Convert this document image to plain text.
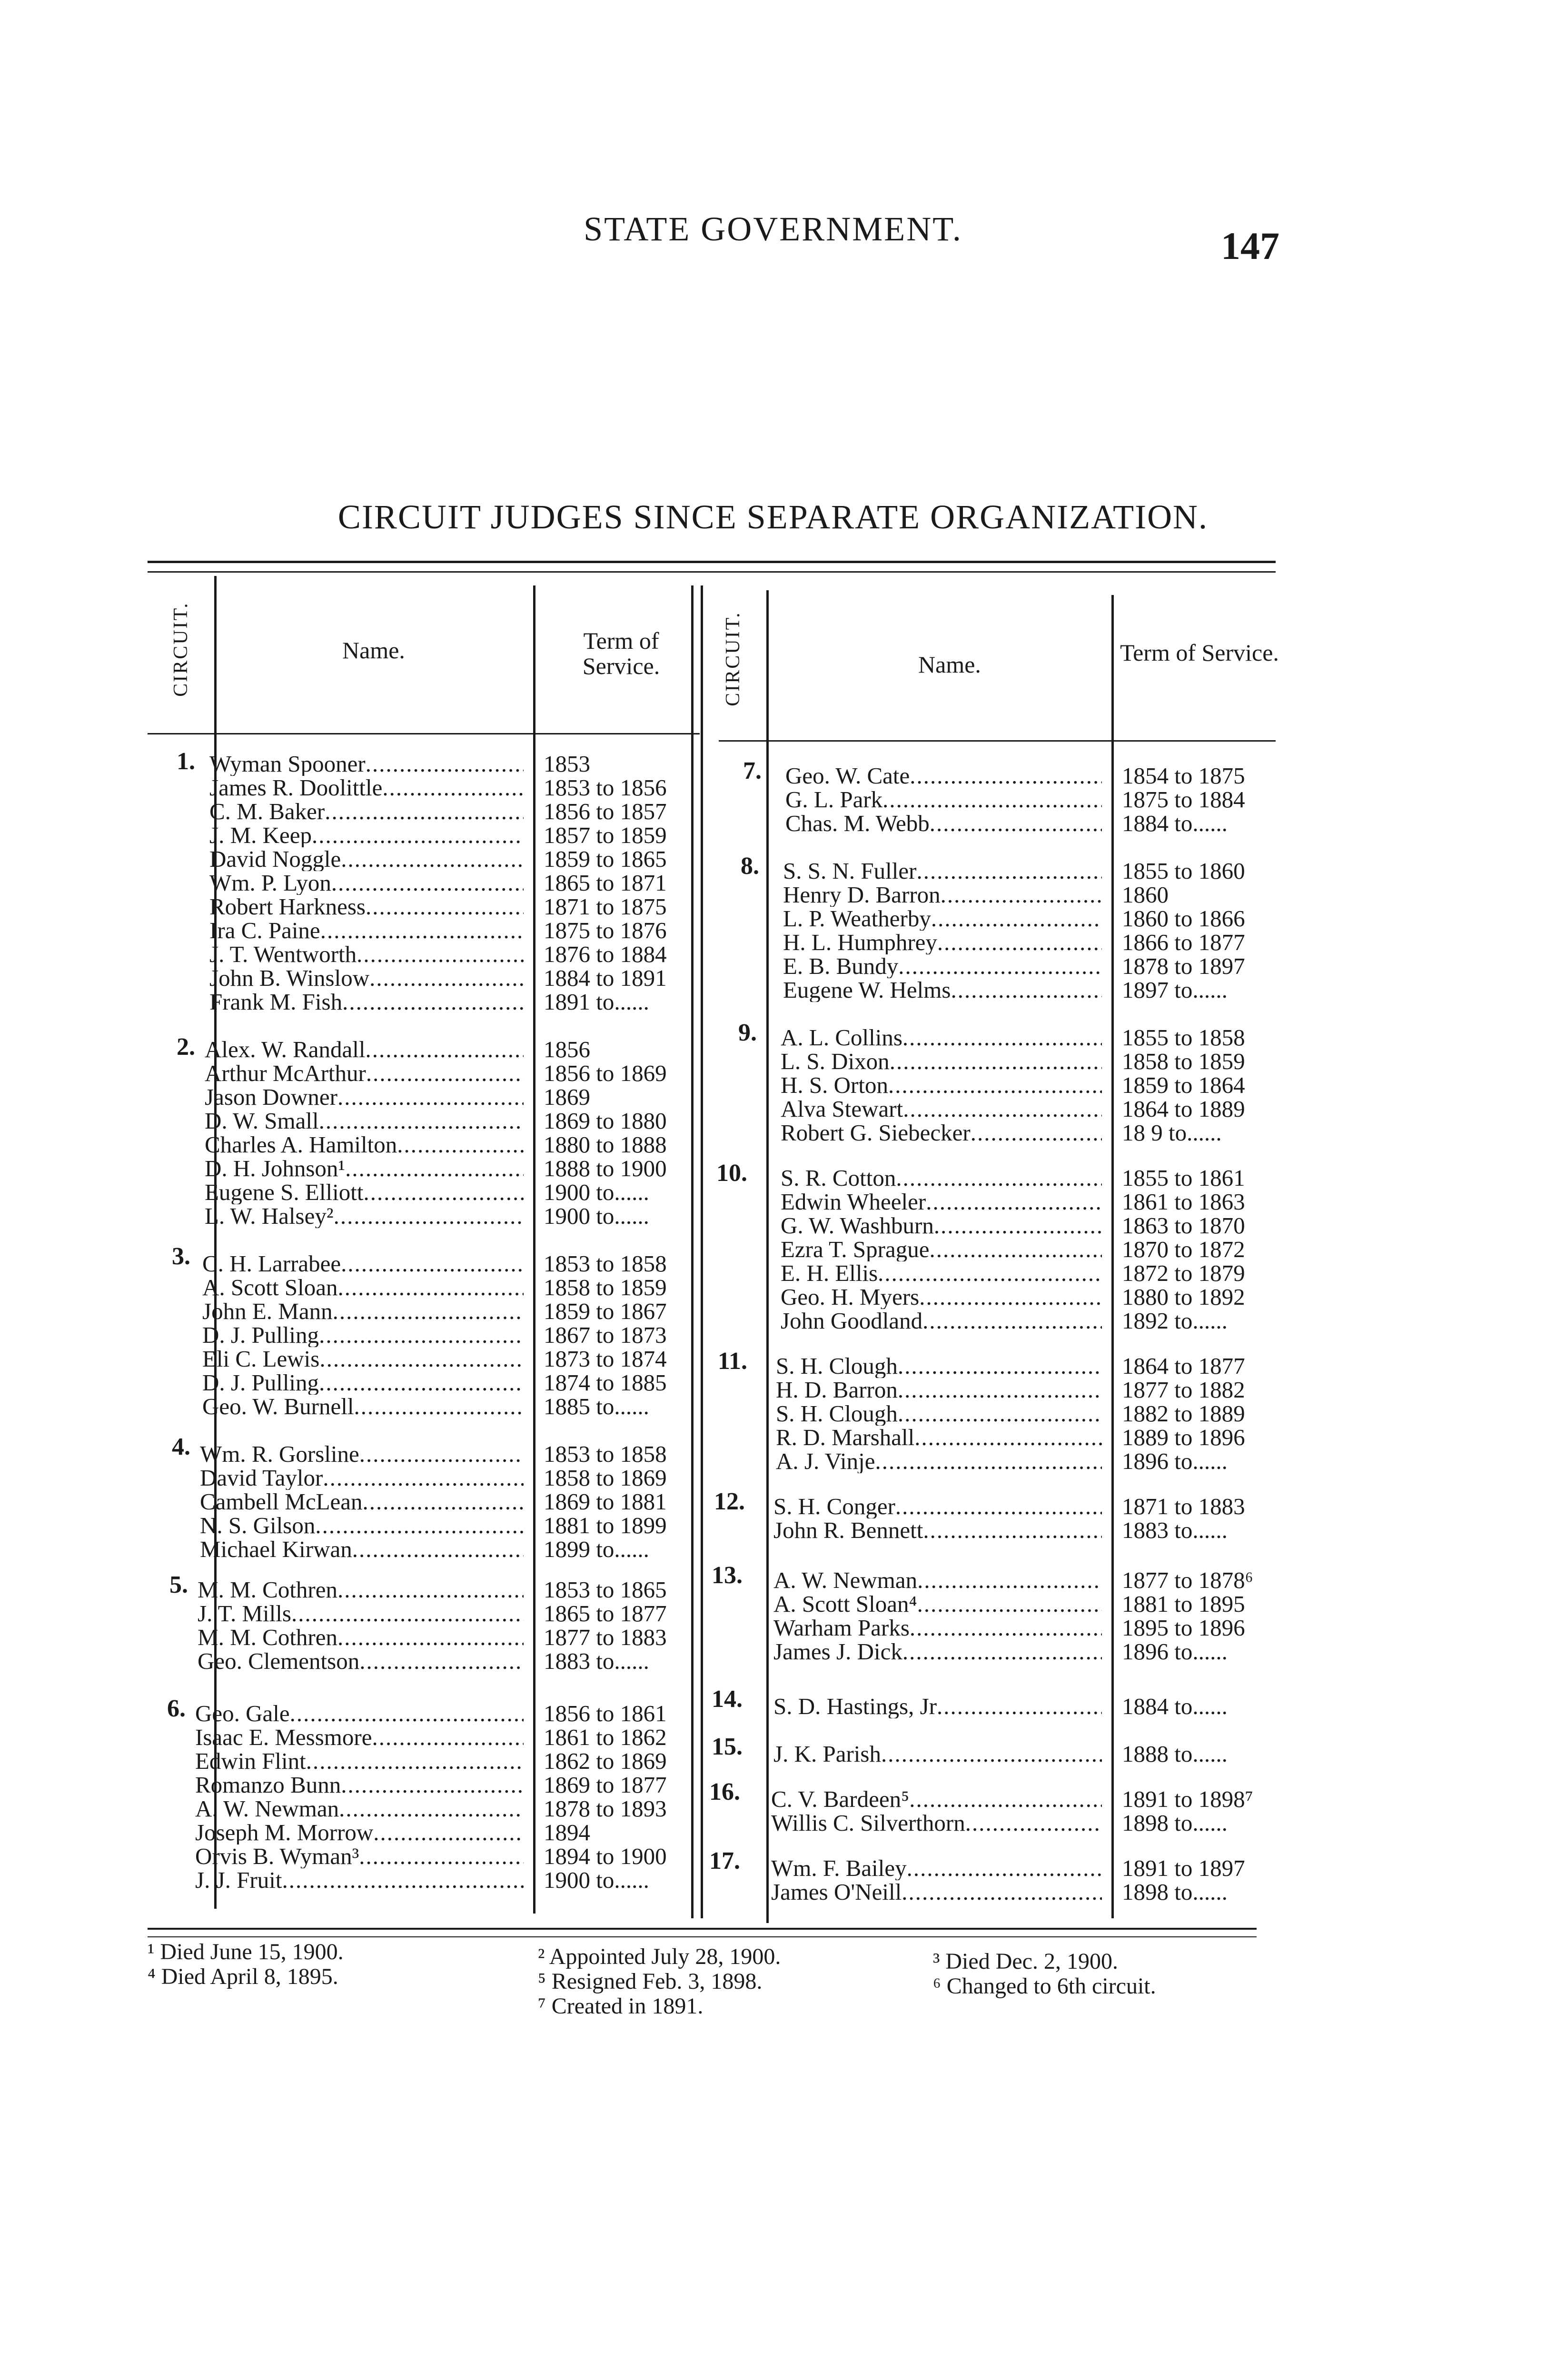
STATE GOVERNMENT.	147
CIRCUIT JUDGES SINCE SEPARATE ORGANIZATION.
CIRCUIT.	Name.	Term of Service.	CIRCUIT.	Name.	Term of Service.
1. Wyman Spooner .....	1853
James R. Doolittle .....	1853 to 1856
C. M. Baker .....	1856 to 1857
J. M. Keep .....	1857 to 1859
David Noggle .....	1859 to 1865
Wm. P. Lyon .....	1865 to 1871
Robert Harkness .....	1871 to 1875
Ira C. Paine .....	1875 to 1876
J. T. Wentworth .....	1876 to 1884
John B. Winslow .....	1884 to 1891
Frank M. Fish .....	1891 to......
2. Alex. W. Randall .....	1856
Arthur McArthur .....	1856 to 1869
Jason Downer .....	1869
D. W. Small .....	1869 to 1880
Charles A. Hamilton .....	1880 to 1888
D. H. Johnson¹ .....	1888 to 1900
Eugene S. Elliott .....	1900 to......
L. W. Halsey² .....	1900 to......
3. C. H. Larrabee .....	1853 to 1858
A. Scott Sloan .....	1858 to 1859
John E. Mann .....	1859 to 1867
D. J. Pulling .....	1867 to 1873
Eli C. Lewis .....	1873 to 1874
D. J. Pulling .....	1874 to 1885
Geo. W. Burnell .....	1885 to......
4. Wm. R. Gorsline .....	1853 to 1858
David Taylor .....	1858 to 1869
Cambell McLean .....	1869 to 1881
N. S. Gilson .....	1881 to 1899
Michael Kirwan .....	1899 to......
5. M. M. Cothren .....	1853 to 1865
J. T. Mills .....	1865 to 1877
M. M. Cothren .....	1877 to 1883
Geo. Clementson .....	1883 to......
6. Geo. Gale .....	1856 to 1861
Isaac E. Messmore .....	1861 to 1862
Edwin Flint .....	1862 to 1869
Romanzo Bunn .....	1869 to 1877
A. W. Newman .....	1878 to 1893
Joseph M. Morrow .....	1894
Orvis B. Wyman³ .....	1894 to 1900
J. J. Fruit .....	1900 to......
7. Geo. W. Cate .....	1854 to 1875
G. L. Park .....	1875 to 1884
Chas. M. Webb .....	1884 to......
8. S. S. N. Fuller .....	1855 to 1860
Henry D. Barron .....	1860
L. P. Weatherby .....	1860 to 1866
H. L. Humphrey .....	1866 to 1877
E. B. Bundy .....	1878 to 1897
Eugene W. Helms .....	1897 to......
9. A. L. Collins .....	1855 to 1858
L. S. Dixon .....	1858 to 1859
H. S. Orton .....	1859 to 1864
Alva Stewart .....	1864 to 1889
Robert G. Siebecker .....	18 9 to......
10. S. R. Cotton .....	1855 to 1861
Edwin Wheeler .....	1861 to 1863
G. W. Washburn .....	1863 to 1870
Ezra T. Sprague .....	1870 to 1872
E. H. Ellis .....	1872 to 1879
Geo. H. Myers .....	1880 to 1892
John Goodland .....	1892 to......
11. S. H. Clough .....	1864 to 1877
H. D. Barron .....	1877 to 1882
S. H. Clough .....	1882 to 1889
R. D. Marshall .....	1889 to 1896
A. J. Vinje .....	1896 to......
12. S. H. Conger .....	1871 to 1883
John R. Bennett .....	1883 to......
13. A. W. Newman .....	1877 to 1878⁶
A. Scott Sloan⁴ .....	1881 to 1895
Warham Parks .....	1895 to 1896
James J. Dick .....	1896 to......
14. S. D. Hastings, Jr .....	1884 to......
15. J. K. Parish .....	1888 to......
16. C. V. Bardeen⁵ .....	1891 to 1898⁷
Willis C. Silverthorn .....	1898 to......
17. Wm. F. Bailey .....	1891 to 1897
James O'Neill .....	1898 to......
¹ Died June 15, 1900.
⁴ Died April 8, 1895.
² Appointed July 28, 1900.
⁵ Resigned Feb. 3, 1898.
⁷ Created in 1891.
³ Died Dec. 2, 1900.
⁶ Changed to 6th circuit.
